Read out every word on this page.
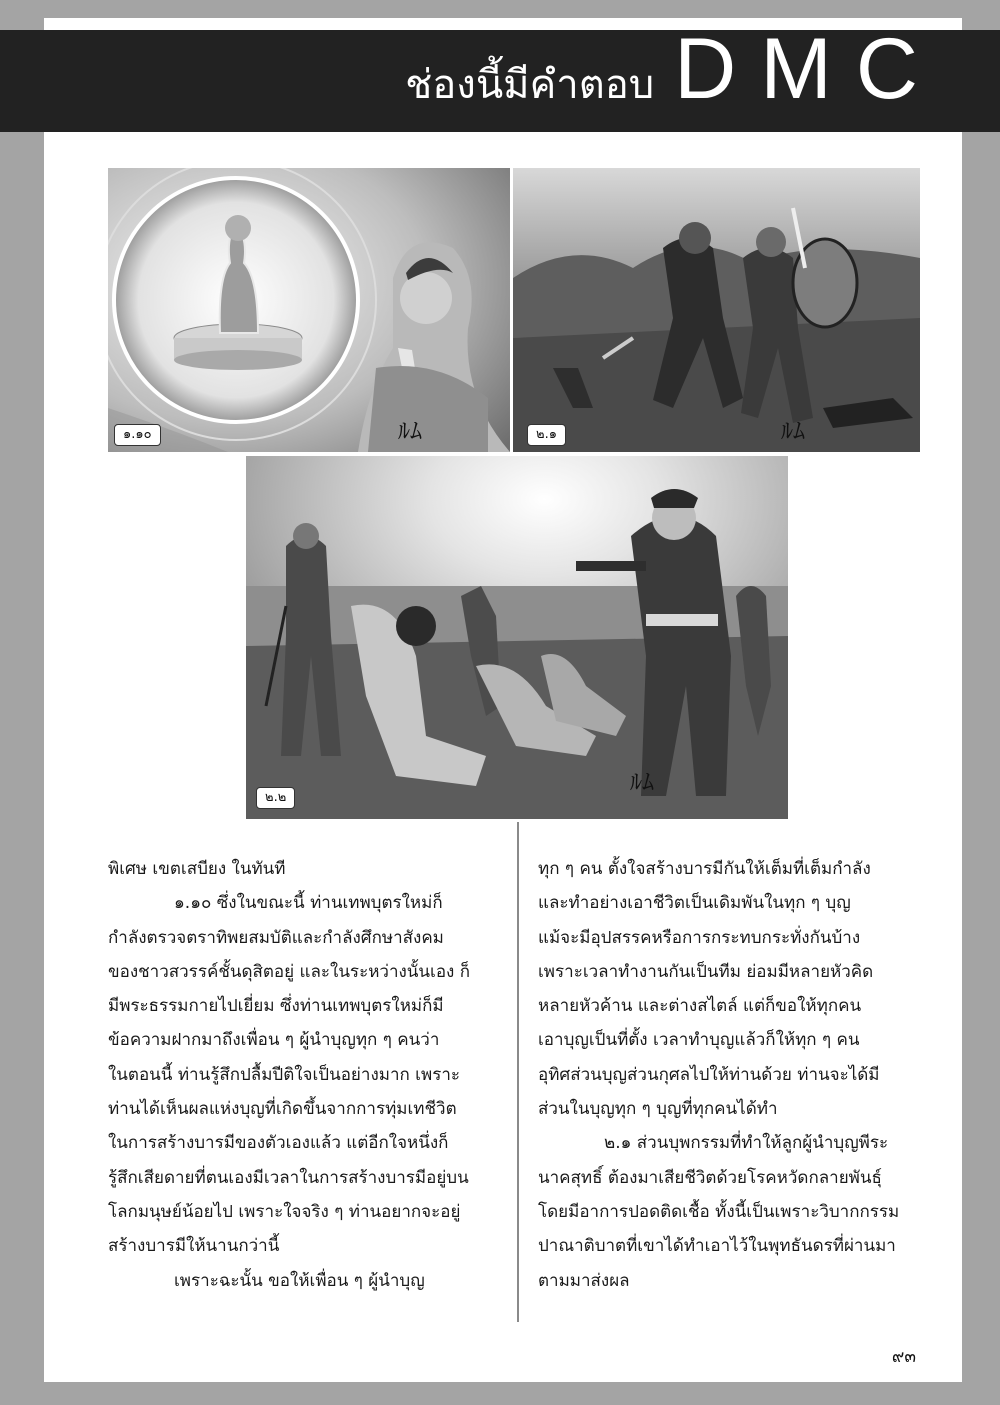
ช่องนี้มีคำตอบ DMC
๑.๑๐	ﾙﾑ	๒.๑	ﾙﾑ
๒.๒
ﾙﾑ

พิเศษ เขตเสบียง ในทันที

๑.๑๐ ซึ่งในขณะนี้ ท่านเทพบุตรใหม่ก็

กำลังตรวจตราทิพยสมบัติและกำลังศึกษาสังคม

ของชาวสวรรค์ชั้นดุสิตอยู่ และในระหว่างนั้นเอง ก็

มีพระธรรมกายไปเยี่ยม ซึ่งท่านเทพบุตรใหม่ก็มี

ข้อความฝากมาถึงเพื่อน ๆ ผู้นำบุญทุก ๆ คนว่า

ในตอนนี้ ท่านรู้สึกปลื้มปีติใจเป็นอย่างมาก เพราะ

ท่านได้เห็นผลแห่งบุญที่เกิดขึ้นจากการทุ่มเทชีวิต

ในการสร้างบารมีของตัวเองแล้ว แต่อีกใจหนึ่งก็

รู้สึกเสียดายที่ตนเองมีเวลาในการสร้างบารมีอยู่บน

โลกมนุษย์น้อยไป เพราะใจจริง ๆ ท่านอยากจะอยู่

สร้างบารมีให้นานกว่านี้

เพราะฉะนั้น ขอให้เพื่อน ๆ ผู้นำบุญ

ทุก ๆ คน ตั้งใจสร้างบารมีกันให้เต็มที่เต็มกำลัง

และทำอย่างเอาชีวิตเป็นเดิมพันในทุก ๆ บุญ

แม้จะมีอุปสรรคหรือการกระทบกระทั่งกันบ้าง

เพราะเวลาทำงานกันเป็นทีม ย่อมมีหลายหัวคิด

หลายหัวค้าน และต่างสไตล์ แต่ก็ขอให้ทุกคน

เอาบุญเป็นที่ตั้ง เวลาทำบุญแล้วก็ให้ทุก ๆ คน

อุทิศส่วนบุญส่วนกุศลไปให้ท่านด้วย ท่านจะได้มี

ส่วนในบุญทุก ๆ บุญที่ทุกคนได้ทำ

๒.๑ ส่วนบุพกรรมที่ทำให้ลูกผู้นำบุญพีระ

นาคสุทธิ์ ต้องมาเสียชีวิตด้วยโรคหวัดกลายพันธุ์

โดยมีอาการปอดติดเชื้อ ทั้งนี้เป็นเพราะวิบากกรรม

ปาณาติบาตที่เขาได้ทำเอาไว้ในพุทธันดรที่ผ่านมา

ตามมาส่งผล

๙๓
